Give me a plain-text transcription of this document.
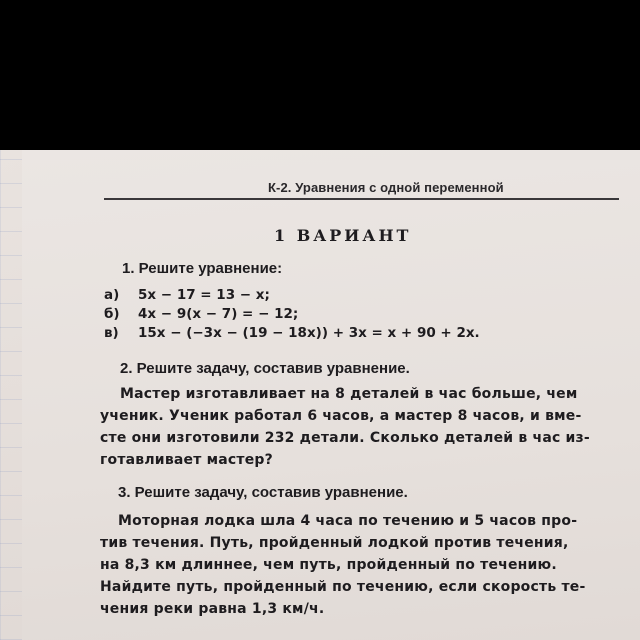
К-2. Уравнения с одной переменной
1 ВАРИАНТ
1. Решите уравнение:
а) 5x − 17 = 13 − x;
б) 4x − 9(x − 7) = − 12;
в) 15x − (−3x − (19 − 18x)) + 3x = x + 90 + 2x.
2. Решите задачу, составив уравнение.
Мастер изготавливает на 8 деталей в час больше, чем
ученик. Ученик работал 6 часов, а мастер 8 часов, и вме-
сте они изготовили 232 детали. Сколько деталей в час из-
готавливает мастер?
3. Решите задачу, составив уравнение.
Моторная лодка шла 4 часа по течению и 5 часов про-
тив течения. Путь, пройденный лодкой против течения,
на 8,3 км длиннее, чем путь, пройденный по течению.
Найдите путь, пройденный по течению, если скорость те-
чения реки равна 1,3 км/ч.
